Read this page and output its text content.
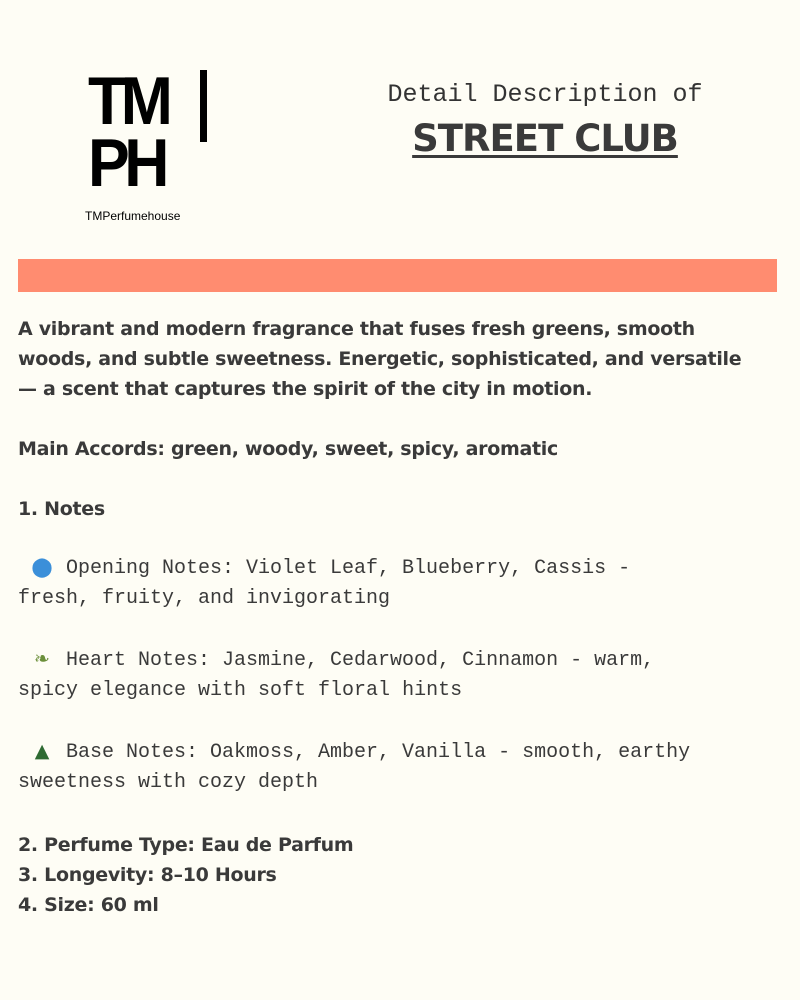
TM
PH
TMPerfumehouse
Detail Description of
STREET CLUB
A vibrant and modern fragrance that fuses fresh greens, smooth
woods, and subtle sweetness. Energetic, sophisticated, and versatile
— a scent that captures the spirit of the city in motion.
Main Accords: green, woody, sweet, spicy, aromatic
1. Notes
⬤ Opening Notes: Violet Leaf, Blueberry, Cassis -
fresh, fruity, and invigorating
❧ Heart Notes: Jasmine, Cedarwood, Cinnamon - warm,
spicy elegance with soft floral hints
▲ Base Notes: Oakmoss, Amber, Vanilla - smooth, earthy
sweetness with cozy depth
2. Perfume Type: Eau de Parfum
3. Longevity: 8–10 Hours
4. Size: 60 ml
